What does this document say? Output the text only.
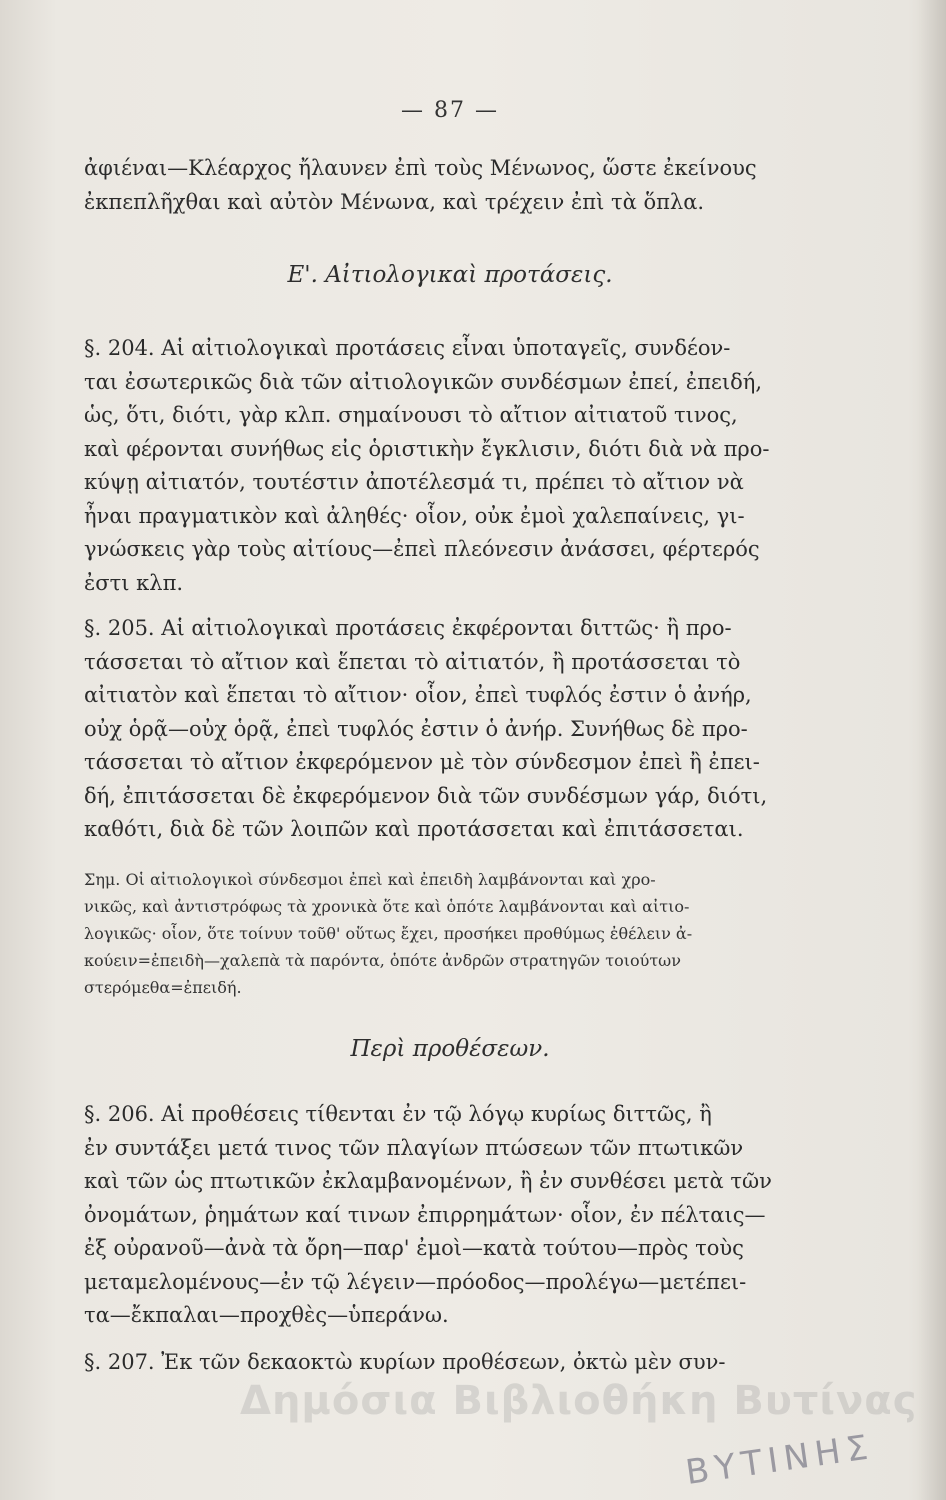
— 87 —
ἀφιέναι—Κλέαρχος ἤλαυνεν ἐπὶ τοὺς Μένωνος, ὥστε ἐκείνους
ἐκπεπλῆχθαι καὶ αὐτὸν Μένωνα, καὶ τρέχειν ἐπὶ τὰ ὅπλα.
Ε'. Αἰτιολογικαὶ προτάσεις.
§. 204. Αἱ αἰτιολογικαὶ προτάσεις εἶναι ὑποταγεῖς, συνδέον-
ται ἐσωτερικῶς διὰ τῶν αἰτιολογικῶν συνδέσμων ἐπεί, ἐπειδή,
ὡς, ὅτι, διότι, γὰρ κλπ. σημαίνουσι τὸ αἴτιον αἰτιατοῦ τινος,
καὶ φέρονται συνήθως εἰς ὁριστικὴν ἔγκλισιν, διότι διὰ νὰ προ-
κύψῃ αἰτιατόν, τουτέστιν ἀποτέλεσμά τι, πρέπει τὸ αἴτιον νὰ
ἦναι πραγματικὸν καὶ ἀληθές· οἷον, οὐκ ἐμοὶ χαλεπαίνεις, γι-
γνώσκεις γὰρ τοὺς αἰτίους—ἐπεὶ πλεόνεσιν ἀνάσσει, φέρτερός
ἐστι κλπ.
§. 205. Αἱ αἰτιολογικαὶ προτάσεις ἐκφέρονται διττῶς· ἢ προ-
τάσσεται τὸ αἴτιον καὶ ἕπεται τὸ αἰτιατόν, ἢ προτάσσεται τὸ
αἰτιατὸν καὶ ἕπεται τὸ αἴτιον· οἷον, ἐπεὶ τυφλός ἐστιν ὁ ἀνήρ,
οὐχ ὁρᾷ—οὐχ ὁρᾷ, ἐπεὶ τυφλός ἐστιν ὁ ἀνήρ. Συνήθως δὲ προ-
τάσσεται τὸ αἴτιον ἐκφερόμενον μὲ τὸν σύνδεσμον ἐπεὶ ἢ ἐπει-
δή, ἐπιτάσσεται δὲ ἐκφερόμενον διὰ τῶν συνδέσμων γάρ, διότι,
καθότι, διὰ δὲ τῶν λοιπῶν καὶ προτάσσεται καὶ ἐπιτάσσεται.
Σημ. Οἱ αἰτιολογικοὶ σύνδεσμοι ἐπεὶ καὶ ἐπειδὴ λαμβάνονται καὶ χρο-
νικῶς, καὶ ἀντιστρόφως τὰ χρονικὰ ὅτε καὶ ὁπότε λαμβάνονται καὶ αἰτιο-
λογικῶς· οἷον, ὅτε τοίνυν τοῦθ' οὕτως ἔχει, προσήκει προθύμως ἐθέλειν ἀ-
κούειν=ἐπειδὴ—χαλεπὰ τὰ παρόντα, ὁπότε ἀνδρῶν στρατηγῶν τοιούτων
στερόμεθα=ἐπειδή.
Περὶ προθέσεων.
§. 206. Αἱ προθέσεις τίθενται ἐν τῷ λόγῳ κυρίως διττῶς, ἢ
ἐν συντάξει μετά τινος τῶν πλαγίων πτώσεων τῶν πτωτικῶν
καὶ τῶν ὡς πτωτικῶν ἐκλαμβανομένων, ἢ ἐν συνθέσει μετὰ τῶν
ὀνομάτων, ῥημάτων καί τινων ἐπιρρημάτων· οἷον, ἐν πέλταις—
ἐξ οὐρανοῦ—ἀνὰ τὰ ὄρη—παρ' ἐμοὶ—κατὰ τούτου—πρὸς τοὺς
μεταμελομένους—ἐν τῷ λέγειν—πρόοδος—προλέγω—μετέπει-
τα—ἔκπαλαι—προχθὲς—ὑπεράνω.
§. 207. Ἐκ τῶν δεκαοκτὼ κυρίων προθέσεων, ὀκτὼ μὲν συν-
Δημόσια Βιβλιοθήκη Βυτίνας
ΒΥΤΙΝΗΣ
